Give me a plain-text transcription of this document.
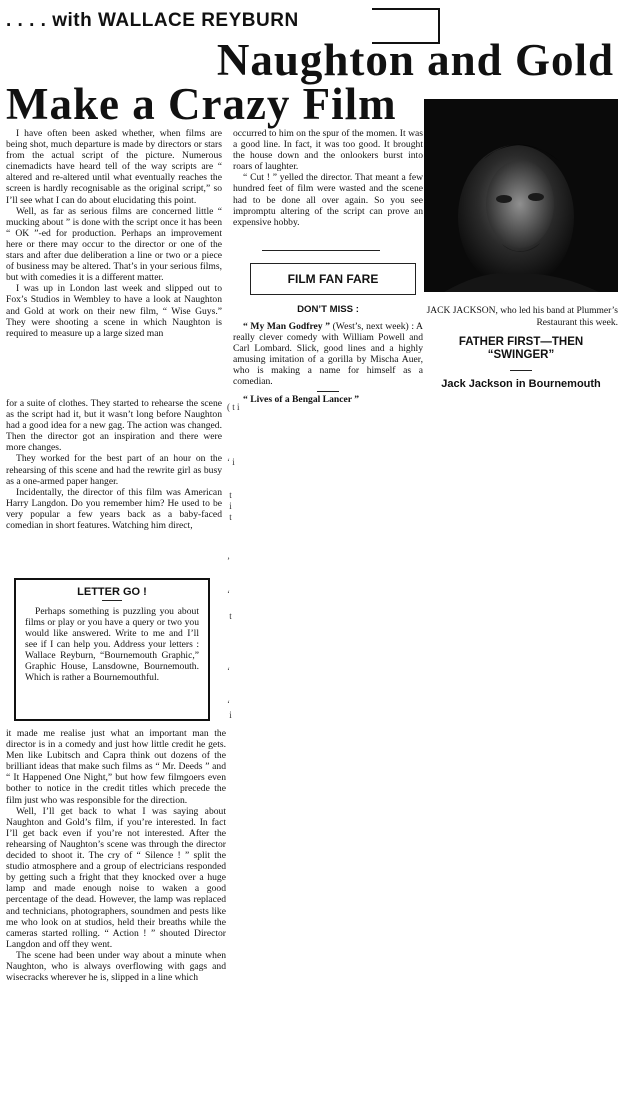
. . . . with WALLACE REYBURN
Naughton and Gold
Make a Crazy Film

I have often been asked whether, when films are being shot, much departure is made by directors or stars from the actual script of the picture. Numerous cinemadicts have heard tell of the way scripts are “ altered and re-altered until what eventually reaches the screen is hardly recognisable as the original script,” so I’ll see what I can do about elucidating this point.

Well, as far as serious films are concerned little “ mucking about ” is done with the script once it has been “ OK ”-ed for production. Perhaps an improvement here or there may occur to the director or one of the stars and after due deliberation a line or two or a piece of business may be altered. That’s in your serious films, but with comedies it is a different matter.

I was up in London last week and slipped out to Fox’s Studios in Wembley to have a look at Naughton and Gold at work on their new film, “ Wise Guys.” They were shooting a scene in which Naughton is required to measure up a large sized man

for a suite of clothes. They started to rehearse the scene as the script had it, but it wasn’t long before Naughton had a good idea for a new gag. The action was changed. Then the director got an inspiration and there were more changes.

They worked for the best part of an hour on the rehearsing of this scene and had the rewrite girl as busy as a one-armed paper hanger.

Incidentally, the director of this film was American Harry Langdon. Do you remember him? He used to be very popular a few years back as a baby-faced comedian in short features. Watching him direct,

( t i

‘ i

t
i
t

’

‘

t

‘

‘
i
LETTER GO !
Perhaps something is puzzling you about films or play or you have a query or two you would like answered. Write to me and I’ll see if I can help you. Address your letters : Wallace Reyburn, “Bournemouth Graphic,” Graphic House, Lansdowne, Bournemouth. Which is rather a Bournemouthful.

it made me realise just what an important man the director is in a comedy and just how little credit he gets. Men like Lubitsch and Capra think out dozens of the brilliant ideas that make such films as “ Mr. Deeds ” and “ It Happened One Night,” but how few filmgoers even bother to notice in the credit titles which precede the film just who was responsible for the direction.

Well, I’ll get back to what I was saying about Naughton and Gold’s film, if you’re interested. In fact I’ll get back even if you’re not interested. After the rehearsing of Naughton’s scene was through the director decided to shoot it. The cry of “ Silence ! ” split the studio atmosphere and a group of electricians responded by getting such a fright that they knocked over a huge lamp and made enough noise to waken a good percentage of the dead. However, the lamp was replaced and technicians, photographers, soundmen and pests like me who look on at studios, held their breaths while the cameras started rolling. “ Action ! ” shouted Director Langdon and off they went.

The scene had been under way about a minute when Naughton, who is always overflowing with gags and wisecracks wherever he is, slipped in a line which

occurred to him on the spur of the momen. It was a good line. In fact, it was too good. It brought the house down and the onlookers burst into roars of laughter.

“ Cut ! ” yelled the director. That meant a few hundred feet of film were wasted and the scene had to be done all over again. So you see impromptu altering of the script can prove an expensive hobby.

FILM FAN FARE
DON’T MISS :

“ My Man Godfrey ” (West’s, next week) : A really clever comedy with William Powell and Carl Lombard. Slick, good lines and a highly amusing imitation of a gorilla by Mischa Auer, who is making a name for himself as a comedian.

“ Lives of a Bengal Lancer ”

JACK JACKSON, who led his band at Plummer’s Restaurant this week.
FATHER FIRST—THEN
“SWINGER”
Jack Jackson in Bournemouth
